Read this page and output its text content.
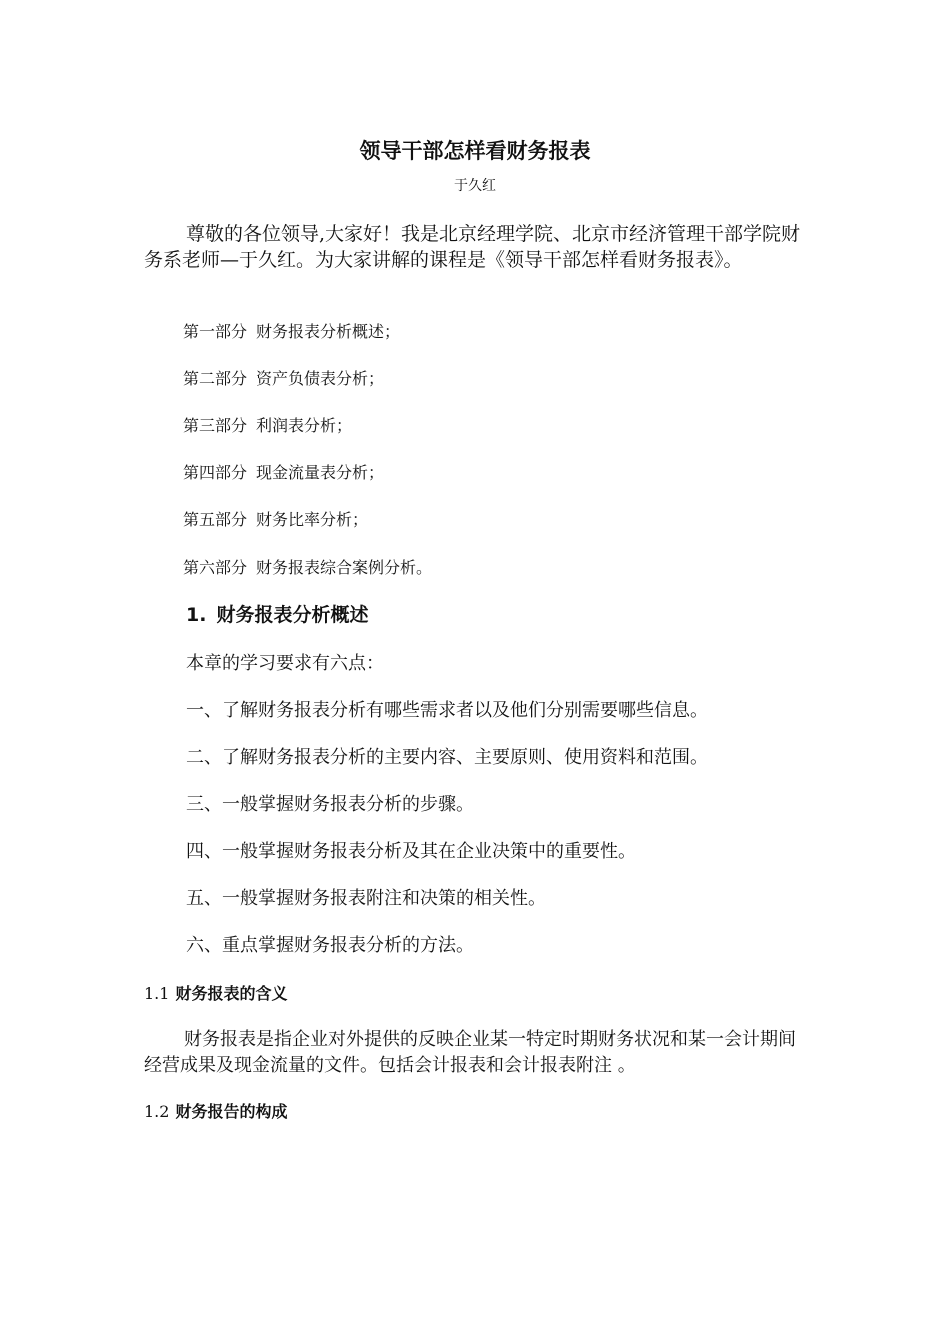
领导干部怎样看财务报表
于久红

尊敬的各位领导,大家好！我是北京经理学院、北京市经济管理干部学院财务系老师—于久红。为大家讲解的课程是《领导干部怎样看财务报表》。

第一部分 财务报表分析概述；
第二部分 资产负债表分析；
第三部分 利润表分析；
第四部分 现金流量表分析；
第五部分 财务比率分析；
第六部分 财务报表综合案例分析。
1. 财务报表分析概述
本章的学习要求有六点：
一、了解财务报表分析有哪些需求者以及他们分别需要哪些信息。
二、了解财务报表分析的主要内容、主要原则、使用资料和范围。
三、一般掌握财务报表分析的步骤。
四、一般掌握财务报表分析及其在企业决策中的重要性。
五、一般掌握财务报表附注和决策的相关性。
六、重点掌握财务报表分析的方法。
1.1 财务报表的含义

财务报表是指企业对外提供的反映企业某一特定时期财务状况和某一会计期间经营成果及现金流量的文件。包括会计报表和会计报表附注 。

1.2 财务报告的构成
